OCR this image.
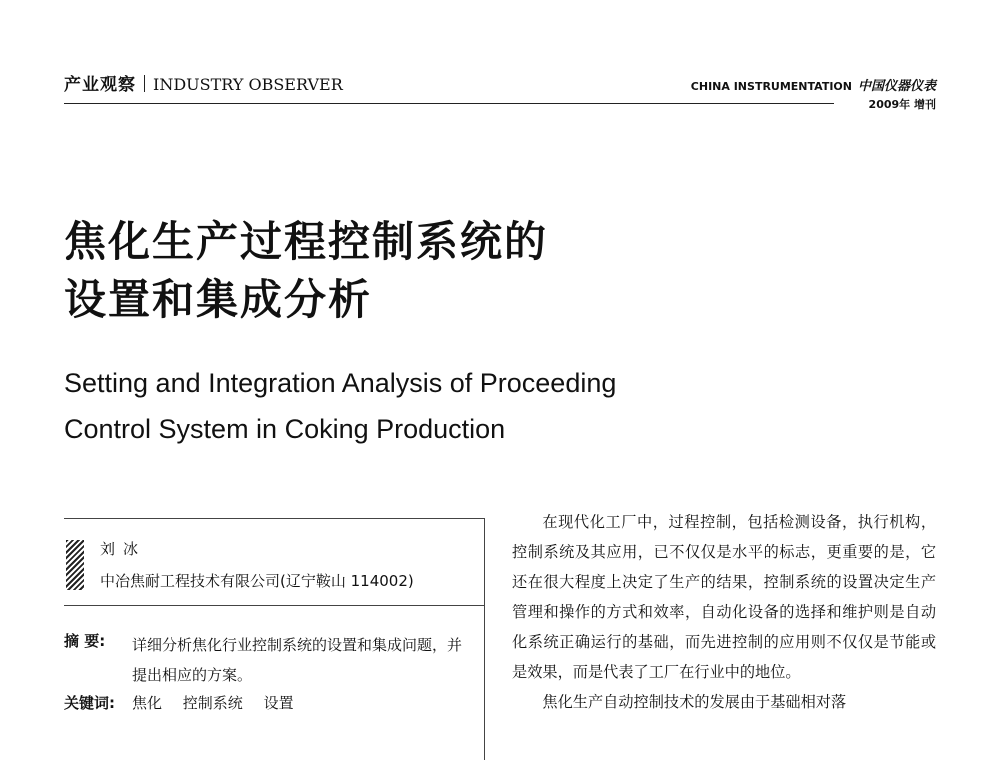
产业观察 INDUSTRY OBSERVER	CHINA INSTRUMENTATION 中国仪器仪表
2009年 增刊
焦化生产过程控制系统的
设置和集成分析
Setting and Integration Analysis of Proceeding
Control System in Coking Production
刘冰
中冶焦耐工程技术有限公司(辽宁鞍山 114002)
摘 要: 详细分析焦化行业控制系统的设置和集成问题，并提出相应的方案。
关键词: 焦化 控制系统 设置

在现代化工厂中，过程控制，包括检测设备，执行机构，控制系统及其应用，已不仅仅是水平的标志，更重要的是，它还在很大程度上决定了生产的结果，控制系统的设置决定生产管理和操作的方式和效率，自动化设备的选择和维护则是自动化系统正确运行的基础，而先进控制的应用则不仅仅是节能或是效果，而是代表了工厂在行业中的地位。

焦化生产自动控制技术的发展由于基础相对落
